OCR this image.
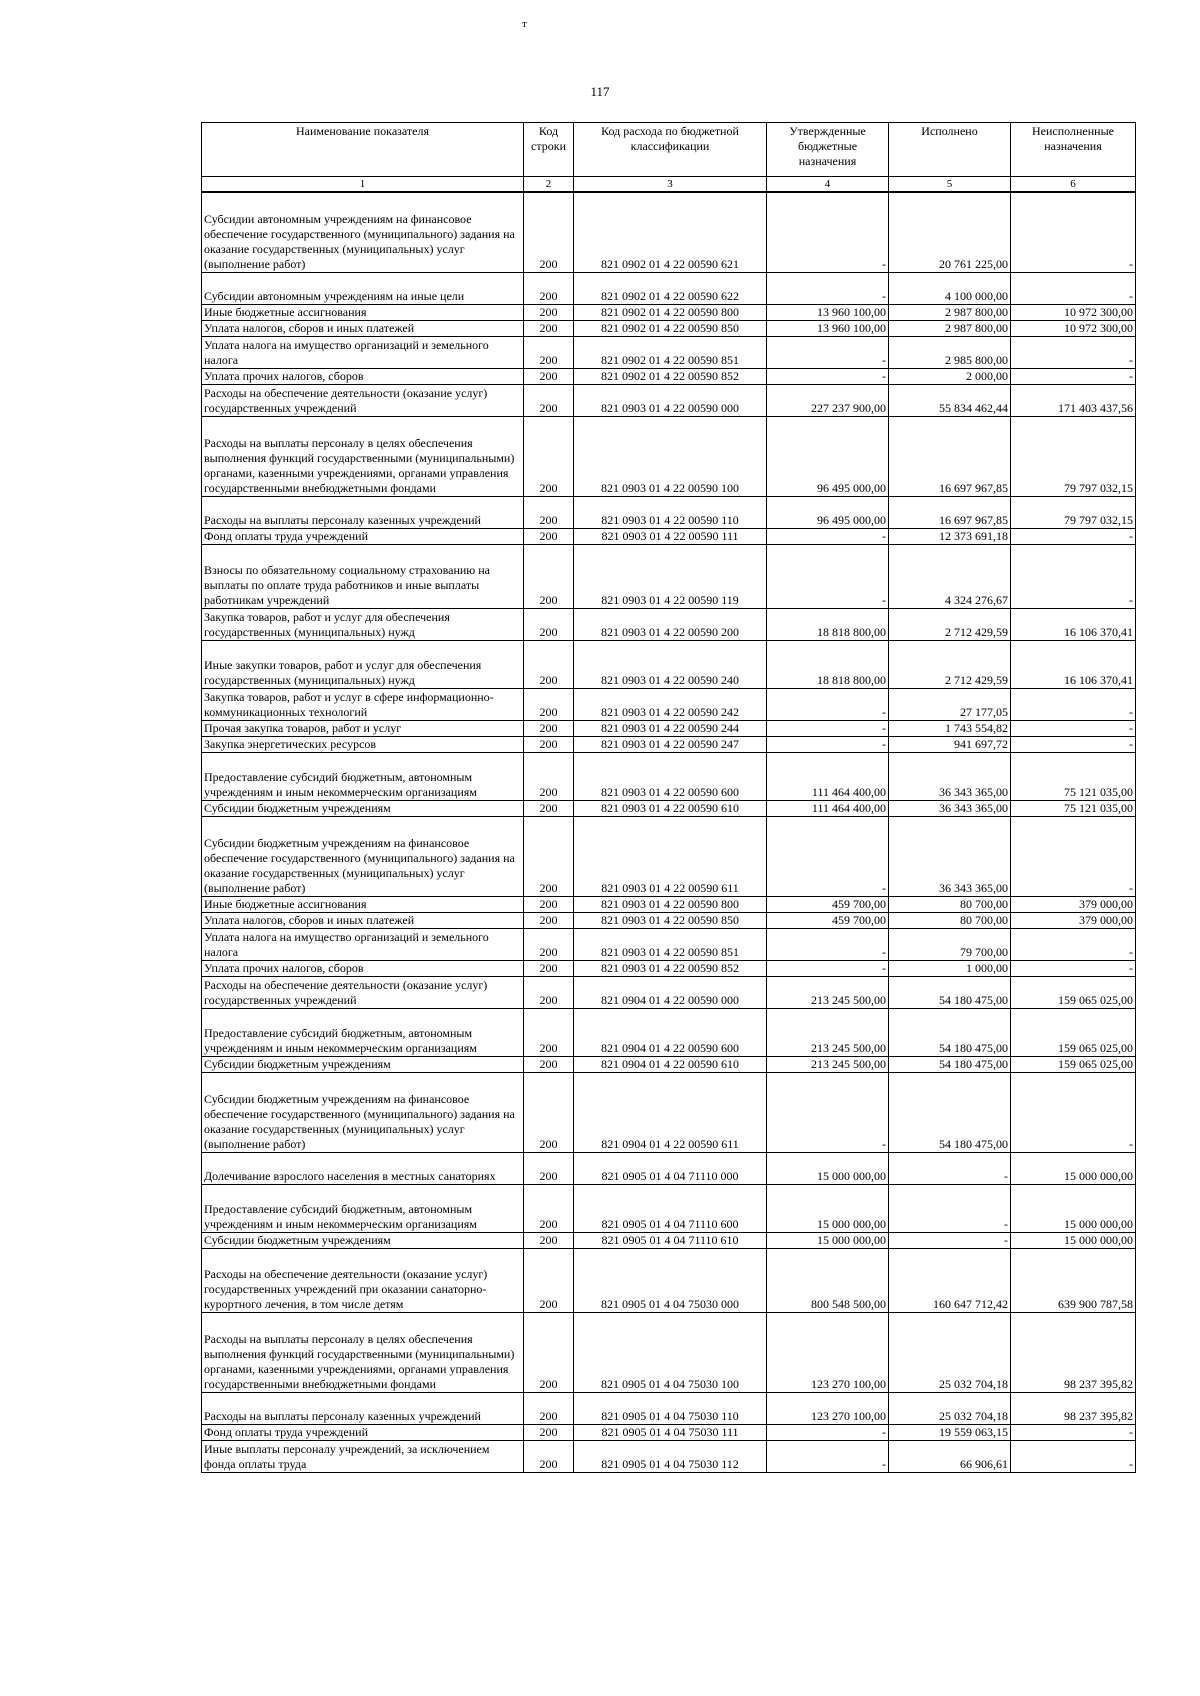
т
117
Наименование показателя	Код строки	Код расхода по бюджетной классификации	Утвержденные бюджетные назначения	Исполнено	Неисполненные назначения
1	2	3	4	5	6
Субсидии автономным учреждениям на финансовое обеспечение государственного (муниципального) задания на оказание государственных (муниципальных) услуг (выполнение работ)	200	821 0902 01 4 22 00590 621	-	20 761 225,00	-
Субсидии автономным учреждениям на иные цели	200	821 0902 01 4 22 00590 622	-	4 100 000,00	-
Иные бюджетные ассигнования	200	821 0902 01 4 22 00590 800	13 960 100,00	2 987 800,00	10 972 300,00
Уплата налогов, сборов и иных платежей	200	821 0902 01 4 22 00590 850	13 960 100,00	2 987 800,00	10 972 300,00
Уплата налога на имущество организаций и земельного налога	200	821 0902 01 4 22 00590 851	-	2 985 800,00	-
Уплата прочих налогов, сборов	200	821 0902 01 4 22 00590 852	-	2 000,00	-
Расходы на обеспечение деятельности (оказание услуг) государственных учреждений	200	821 0903 01 4 22 00590 000	227 237 900,00	55 834 462,44	171 403 437,56
Расходы на выплаты персоналу в целях обеспечения выполнения функций государственными (муниципальными) органами, казенными учреждениями, органами управления государственными внебюджетными фондами	200	821 0903 01 4 22 00590 100	96 495 000,00	16 697 967,85	79 797 032,15
Расходы на выплаты персоналу казенных учреждений	200	821 0903 01 4 22 00590 110	96 495 000,00	16 697 967,85	79 797 032,15
Фонд оплаты труда учреждений	200	821 0903 01 4 22 00590 111	-	12 373 691,18	-
Взносы по обязательному социальному страхованию на выплаты по оплате труда работников и иные выплаты работникам учреждений	200	821 0903 01 4 22 00590 119	-	4 324 276,67	-
Закупка товаров, работ и услуг для обеспечения государственных (муниципальных) нужд	200	821 0903 01 4 22 00590 200	18 818 800,00	2 712 429,59	16 106 370,41
Иные закупки товаров, работ и услуг для обеспечения государственных (муниципальных) нужд	200	821 0903 01 4 22 00590 240	18 818 800,00	2 712 429,59	16 106 370,41
Закупка товаров, работ и услуг в сфере информационно-коммуникационных технологий	200	821 0903 01 4 22 00590 242	-	27 177,05	-
Прочая закупка товаров, работ и услуг	200	821 0903 01 4 22 00590 244	-	1 743 554,82	-
Закупка энергетических ресурсов	200	821 0903 01 4 22 00590 247	-	941 697,72	-
Предоставление субсидий бюджетным, автономным учреждениям и иным некоммерческим организациям	200	821 0903 01 4 22 00590 600	111 464 400,00	36 343 365,00	75 121 035,00
Субсидии бюджетным учреждениям	200	821 0903 01 4 22 00590 610	111 464 400,00	36 343 365,00	75 121 035,00
Субсидии бюджетным учреждениям на финансовое обеспечение государственного (муниципального) задания на оказание государственных (муниципальных) услуг (выполнение работ)	200	821 0903 01 4 22 00590 611	-	36 343 365,00	-
Иные бюджетные ассигнования	200	821 0903 01 4 22 00590 800	459 700,00	80 700,00	379 000,00
Уплата налогов, сборов и иных платежей	200	821 0903 01 4 22 00590 850	459 700,00	80 700,00	379 000,00
Уплата налога на имущество организаций и земельного налога	200	821 0903 01 4 22 00590 851	-	79 700,00	-
Уплата прочих налогов, сборов	200	821 0903 01 4 22 00590 852	-	1 000,00	-
Расходы на обеспечение деятельности (оказание услуг) государственных учреждений	200	821 0904 01 4 22 00590 000	213 245 500,00	54 180 475,00	159 065 025,00
Предоставление субсидий бюджетным, автономным учреждениям и иным некоммерческим организациям	200	821 0904 01 4 22 00590 600	213 245 500,00	54 180 475,00	159 065 025,00
Субсидии бюджетным учреждениям	200	821 0904 01 4 22 00590 610	213 245 500,00	54 180 475,00	159 065 025,00
Субсидии бюджетным учреждениям на финансовое обеспечение государственного (муниципального) задания на оказание государственных (муниципальных) услуг (выполнение работ)	200	821 0904 01 4 22 00590 611	-	54 180 475,00	-
Долечивание взрослого населения в местных санаториях	200	821 0905 01 4 04 71110 000	15 000 000,00	-	15 000 000,00
Предоставление субсидий бюджетным, автономным учреждениям и иным некоммерческим организациям	200	821 0905 01 4 04 71110 600	15 000 000,00	-	15 000 000,00
Субсидии бюджетным учреждениям	200	821 0905 01 4 04 71110 610	15 000 000,00	-	15 000 000,00
Расходы на обеспечение деятельности (оказание услуг) государственных учреждений при оказании санаторно-курортного лечения, в том числе детям	200	821 0905 01 4 04 75030 000	800 548 500,00	160 647 712,42	639 900 787,58
Расходы на выплаты персоналу в целях обеспечения выполнения функций государственными (муниципальными) органами, казенными учреждениями, органами управления государственными внебюджетными фондами	200	821 0905 01 4 04 75030 100	123 270 100,00	25 032 704,18	98 237 395,82
Расходы на выплаты персоналу казенных учреждений	200	821 0905 01 4 04 75030 110	123 270 100,00	25 032 704,18	98 237 395,82
Фонд оплаты труда учреждений	200	821 0905 01 4 04 75030 111	-	19 559 063,15	-
Иные выплаты персоналу учреждений, за исключением фонда оплаты труда	200	821 0905 01 4 04 75030 112	-	66 906,61	-
